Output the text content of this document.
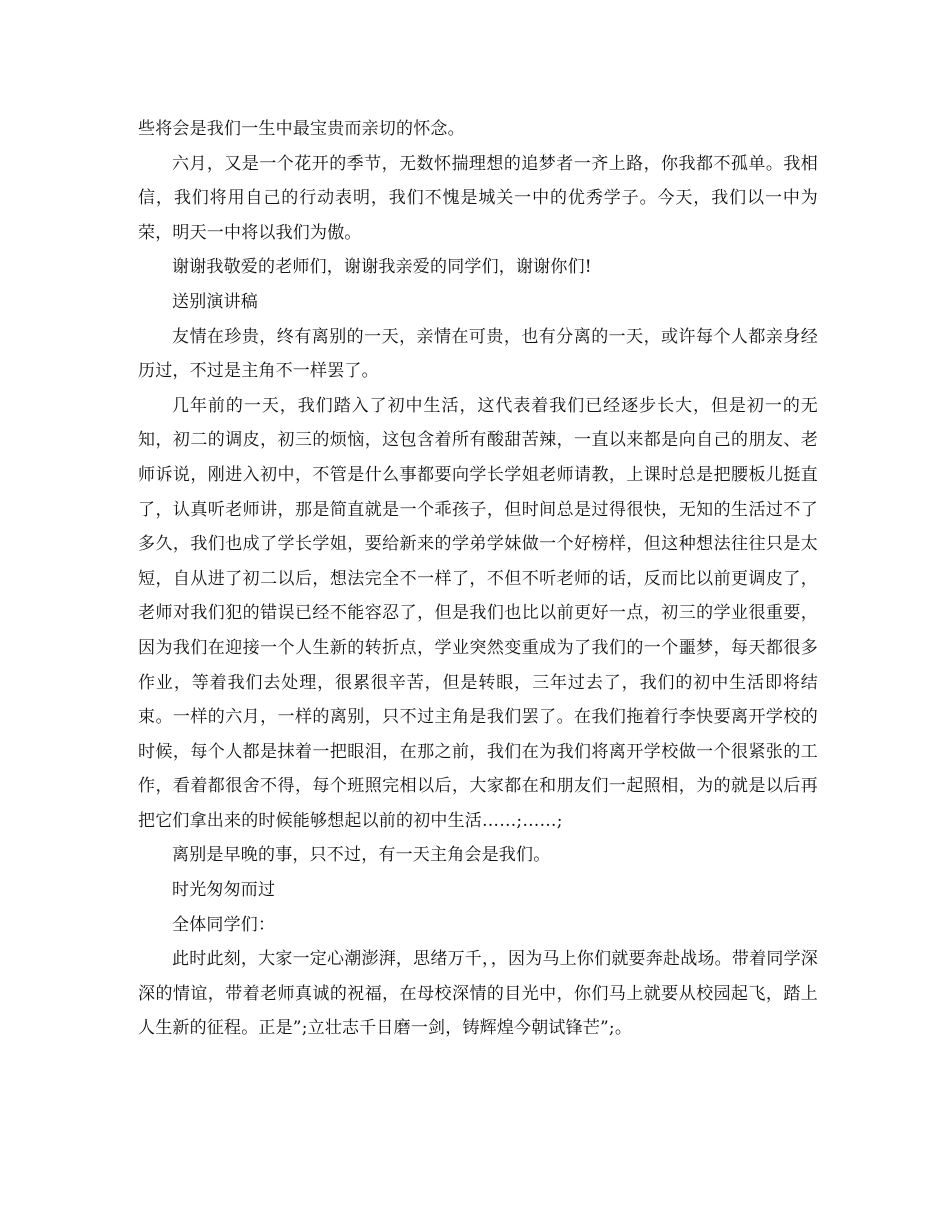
些将会是我们一生中最宝贵而亲切的怀念。

六月，又是一个花开的季节，无数怀揣理想的追梦者一齐上路，你我都不孤单。我相信，我们将用自己的行动表明，我们不愧是城关一中的优秀学子。今天，我们以一中为荣，明天一中将以我们为傲。

谢谢我敬爱的老师们，谢谢我亲爱的同学们，谢谢你们!

送别演讲稿

友情在珍贵，终有离别的一天，亲情在可贵，也有分离的一天，或许每个人都亲身经历过，不过是主角不一样罢了。

几年前的一天，我们踏入了初中生活，这代表着我们已经逐步长大，但是初一的无知，初二的调皮，初三的烦恼，这包含着所有酸甜苦辣，一直以来都是向自己的朋友、老师诉说，刚进入初中，不管是什么事都要向学长学姐老师请教，上课时总是把腰板儿挺直了，认真听老师讲，那是简直就是一个乖孩子，但时间总是过得很快，无知的生活过不了多久，我们也成了学长学姐，要给新来的学弟学妹做一个好榜样，但这种想法往往只是太短，自从进了初二以后，想法完全不一样了，不但不听老师的话，反而比以前更调皮了，老师对我们犯的错误已经不能容忍了，但是我们也比以前更好一点，初三的学业很重要，因为我们在迎接一个人生新的转折点，学业突然变重成为了我们的一个噩梦，每天都很多作业，等着我们去处理，很累很辛苦，但是转眼，三年过去了，我们的初中生活即将结束。一样的六月，一样的离别，只不过主角是我们罢了。在我们拖着行李快要离开学校的时候，每个人都是抹着一把眼泪，在那之前，我们在为我们将离开学校做一个很紧张的工作，看着都很舍不得，每个班照完相以后，大家都在和朋友们一起照相，为的就是以后再把它们拿出来的时候能够想起以前的初中生活……;……;

离别是早晚的事，只不过，有一天主角会是我们。

时光匆匆而过

全体同学们：

此时此刻，大家一定心潮澎湃，思绪万千，，因为马上你们就要奔赴战场。带着同学深深的情谊，带着老师真诚的祝福，在母校深情的目光中，你们马上就要从校园起飞，踏上人生新的征程。正是”;立壮志千日磨一剑，铸辉煌今朝试锋芒”;。
